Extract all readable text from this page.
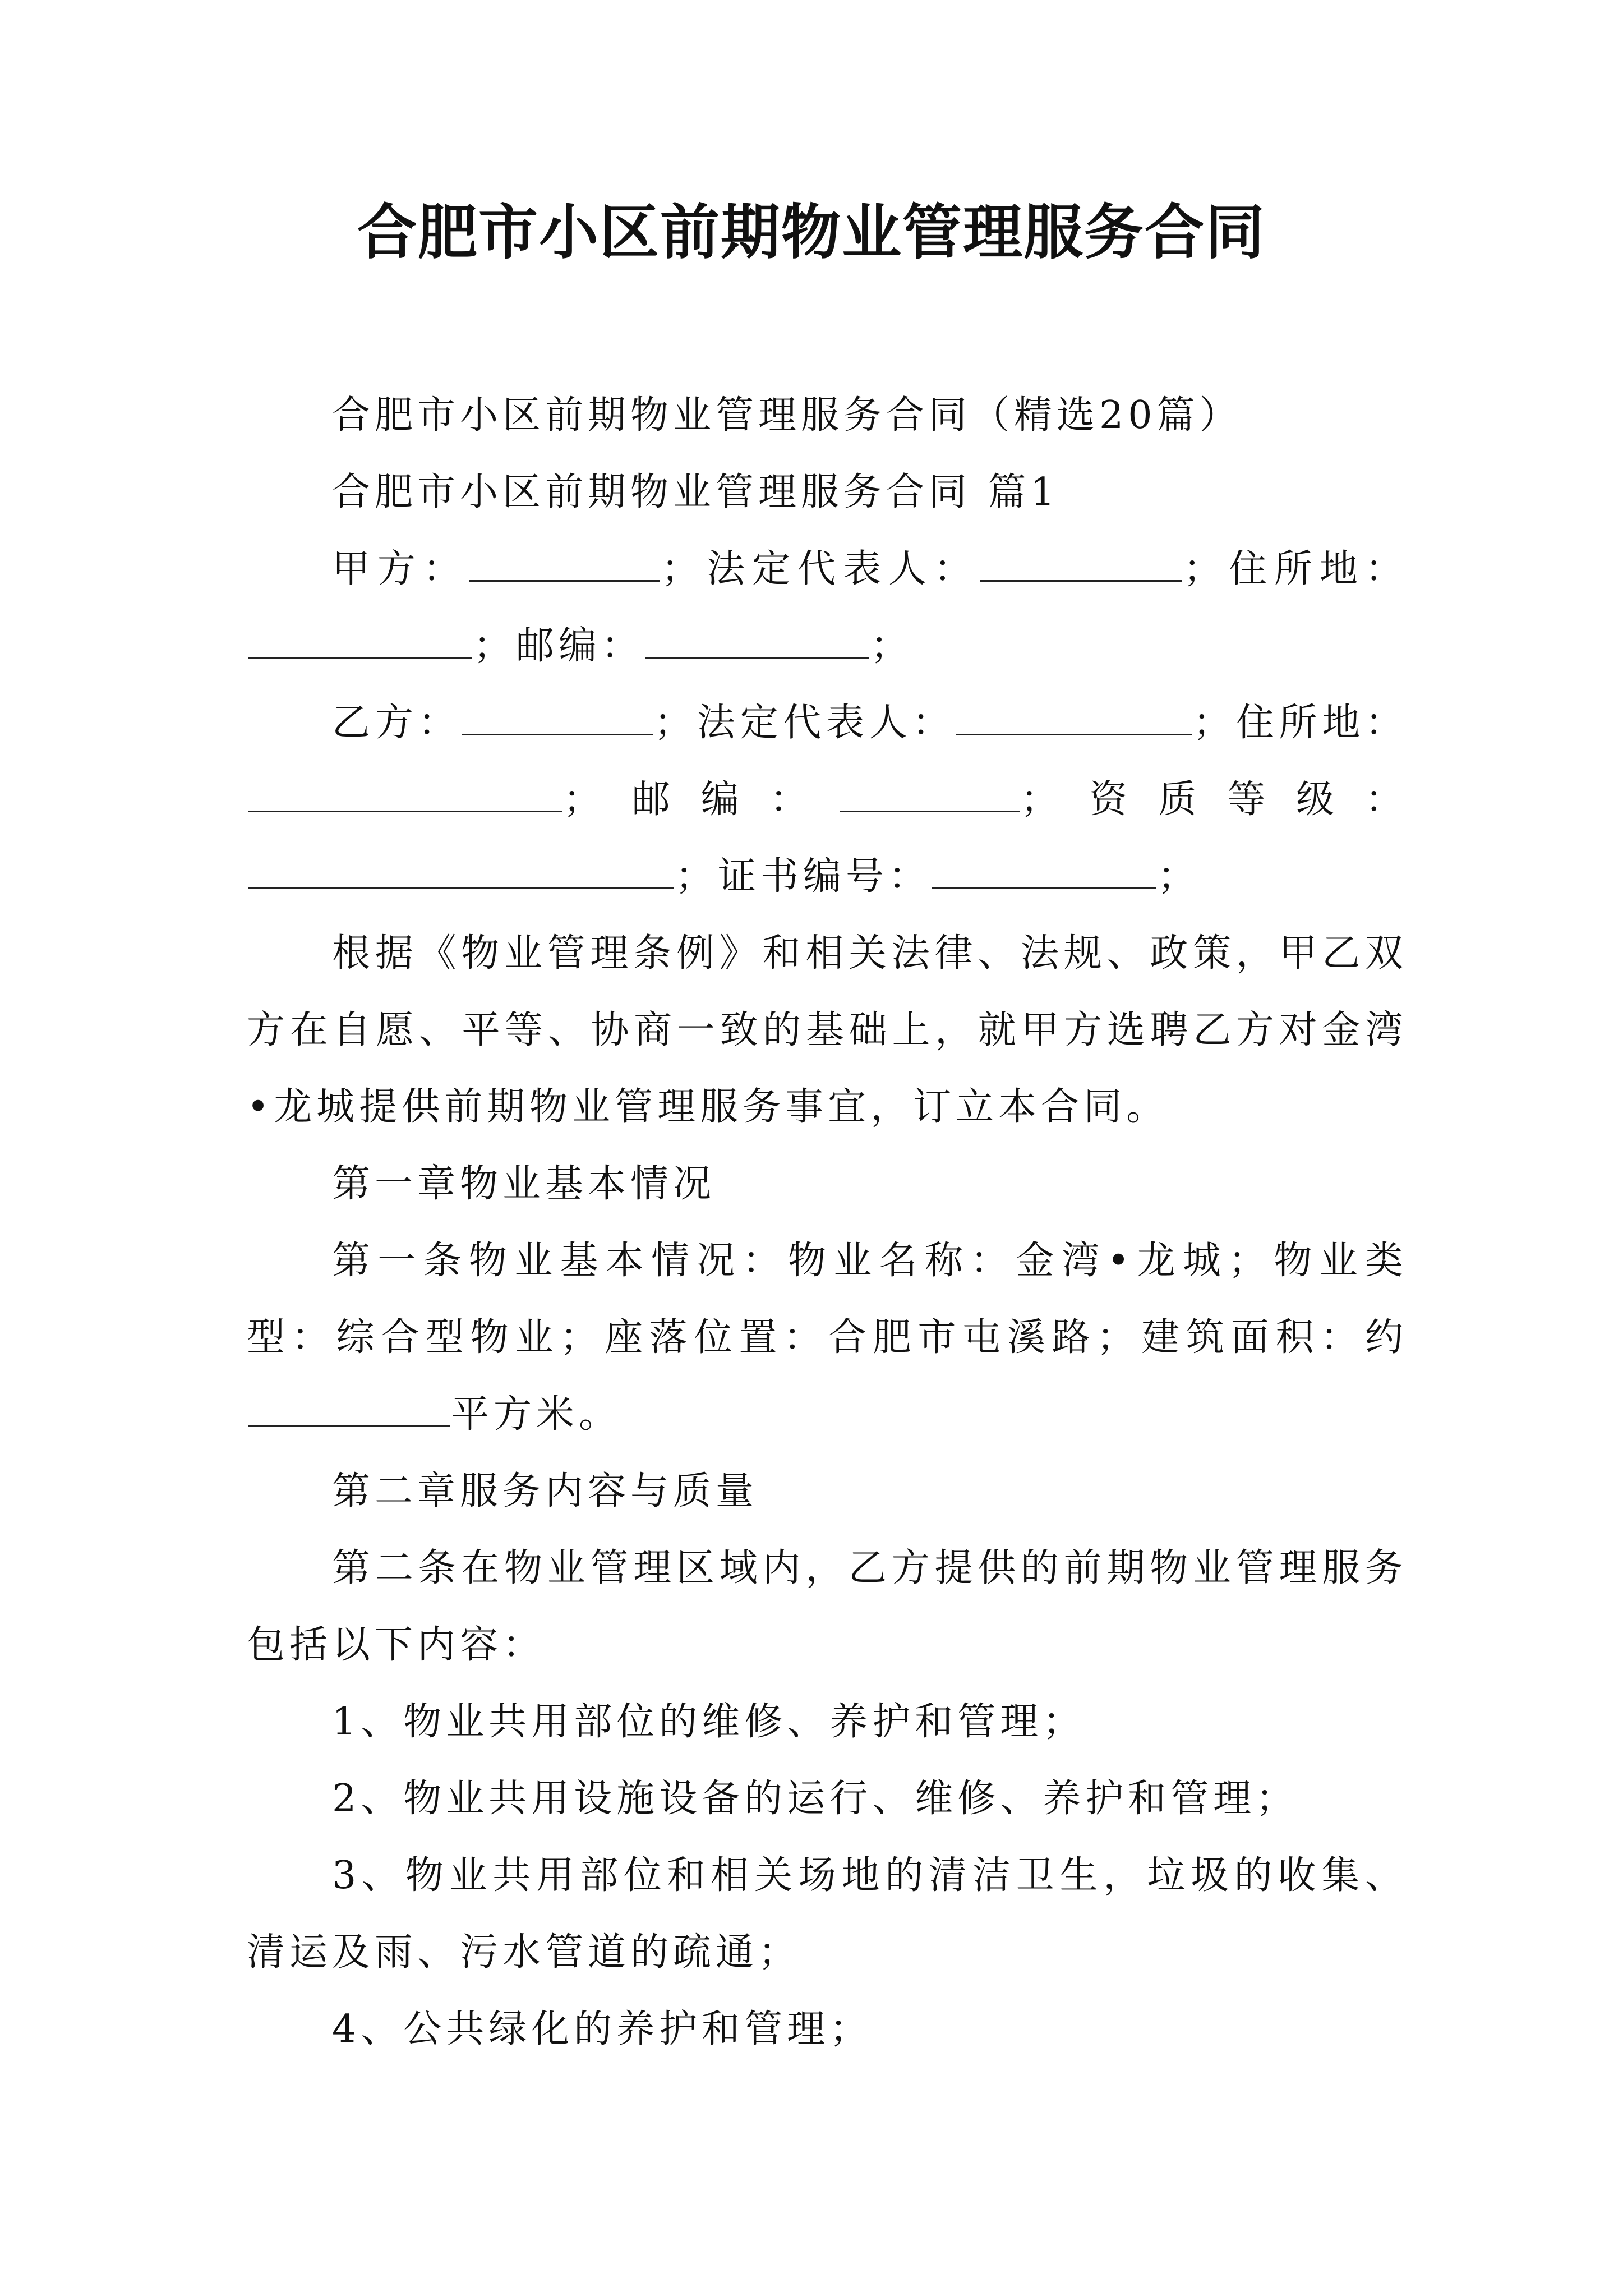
合肥市小区前期物业管理服务合同

合肥市小区前期物业管理服务合同（精选20篇）

合肥市小区前期物业管理服务合同 篇1

甲方：	；法定代表人：	；住所地：；邮编：	；

乙方：	；法定代表人：	；住所地：；邮编：	；资质等级：；证书编号：	；

根据《物业管理条例》和相关法律、法规、政策，甲乙双方在自愿、平等、协商一致的基础上，就甲方选聘乙方对金湾•龙城提供前期物业管理服务事宜，订立本合同。

第一章物业基本情况

第一条物业基本情况：物业名称：金湾•龙城；物业类型：综合型物业；座落位置：合肥市屯溪路；建筑面积：约平方米。

第二章服务内容与质量

第二条在物业管理区域内，乙方提供的前期物业管理服务包括以下内容：

1、物业共用部位的维修、养护和管理；

2、物业共用设施设备的运行、维修、养护和管理；

3、物业共用部位和相关场地的清洁卫生，垃圾的收集、清运及雨、污水管道的疏通；

4、公共绿化的养护和管理；
